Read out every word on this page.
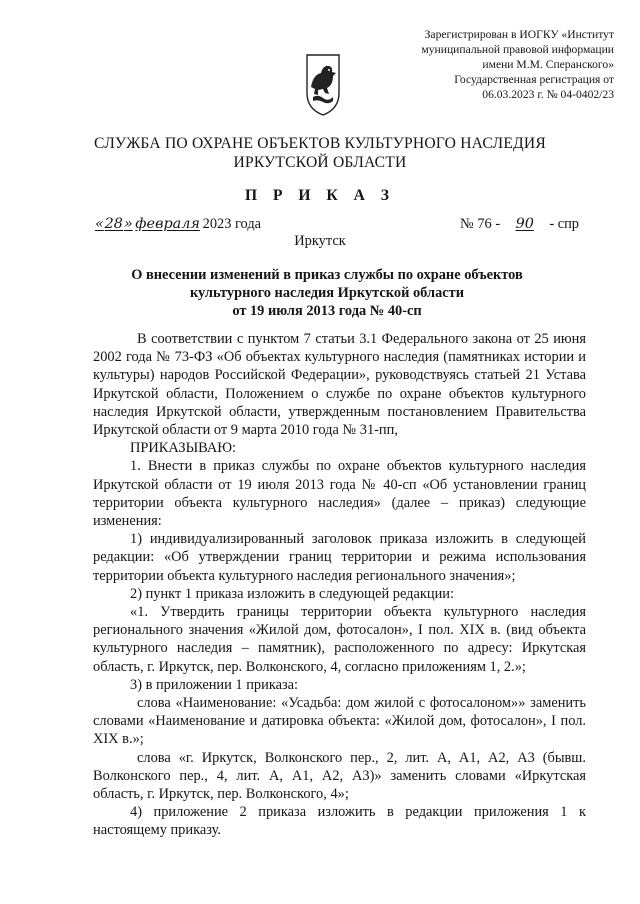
Зарегистрирован в ИОГКУ «Институт
муниципальной правовой информации
имени М.М. Сперанского»
Государственная регистрация от
06.03.2023 г. № 04-0402/23
СЛУЖБА ПО ОХРАНЕ ОБЪЕКТОВ КУЛЬТУРНОГО НАСЛЕДИЯ
ИРКУТСКОЙ ОБЛАСТИ
П Р И К А З
«28» февраля 2023 года	№ 76 - 90 - спр
Иркутск
О внесении изменений в приказ службы по охране объектов
культурного наследия Иркутской области
от 19 июля 2013 года № 40-сп

В соответствии с пунктом 7 статьи 3.1 Федерального закона от 25 июня 2002 года № 73-ФЗ «Об объектах культурного наследия (памятниках истории и культуры) народов Российской Федерации», руководствуясь статьей 21 Устава Иркутской области, Положением о службе по охране объектов культурного наследия Иркутской области, утвержденным постановлением Правительства Иркутской области от 9 марта 2010 года № 31-пп,

ПРИКАЗЫВАЮ:

1. Внести в приказ службы по охране объектов культурного наследия Иркутской области от 19 июля 2013 года № 40-сп «Об установлении границ территории объекта культурного наследия» (далее – приказ) следующие изменения:

1) индивидуализированный заголовок приказа изложить в следующей редакции: «Об утверждении границ территории и режима использования территории объекта культурного наследия регионального значения»;

2) пункт 1 приказа изложить в следующей редакции:

«1. Утвердить границы территории объекта культурного наследия регионального значения «Жилой дом, фотосалон», I пол. XIX в. (вид объекта культурного наследия – памятник), расположенного по адресу: Иркутская область, г. Иркутск, пер. Волконского, 4, согласно приложениям 1, 2.»;

3) в приложении 1 приказа:

слова «Наименование: «Усадьба: дом жилой с фотосалоном»» заменить словами «Наименование и датировка объекта: «Жилой дом, фотосалон», I пол. XIX в.»;

слова «г. Иркутск, Волконского пер., 2, лит. А, А1, А2, А3 (бывш. Волконского пер., 4, лит. А, А1, А2, А3)» заменить словами «Иркутская область, г. Иркутск, пер. Волконского, 4»;

4) приложение 2 приказа изложить в редакции приложения 1 к настоящему приказу.
